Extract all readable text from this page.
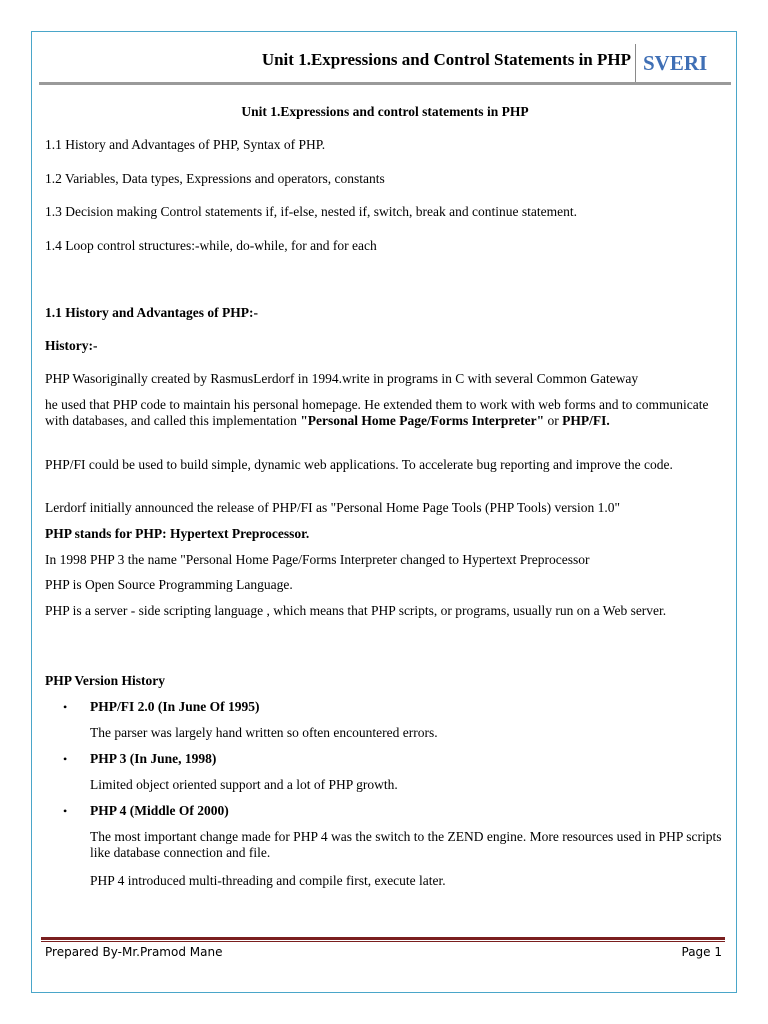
Unit 1.Expressions and Control Statements in PHP SVERI

Unit 1.Expressions and control statements in PHP

1.1 History and Advantages of PHP, Syntax of PHP.

1.2 Variables, Data types, Expressions and operators, constants

1.3 Decision making Control statements if, if-else, nested if, switch, break and continue statement.

1.4 Loop control structures:-while, do-while, for and for each

1.1 History and Advantages of PHP:-

History:-

PHP Wasoriginally created by RasmusLerdorf in 1994.write in programs in C with several Common Gateway

he used that PHP code to maintain his personal homepage. He extended them to work with web forms and to communicate with databases, and called this implementation "Personal Home Page/Forms Interpreter" or PHP/FI.

PHP/FI could be used to build simple, dynamic web applications. To accelerate bug reporting and improve the code.

Lerdorf initially announced the release of PHP/FI as "Personal Home Page Tools (PHP Tools) version 1.0"

PHP stands for PHP: Hypertext Preprocessor.

In 1998 PHP 3 the name "Personal Home Page/Forms Interpreter changed to Hypertext Preprocessor

PHP is Open Source Programming Language.

PHP is a server - side scripting language , which means that PHP scripts, or programs, usually run on a Web server.

PHP Version History

• PHP/FI 2.0 (In June Of 1995)
The parser was largely hand written so often encountered errors.
• PHP 3 (In June, 1998)
Limited object oriented support and a lot of PHP growth.
• PHP 4 (Middle Of 2000)
The most important change made for PHP 4 was the switch to the ZEND engine. More resources used in PHP scripts like database connection and file.
PHP 4 introduced multi-threading and compile first, execute later.
Prepared By-Mr.Pramod Mane	Page 1
